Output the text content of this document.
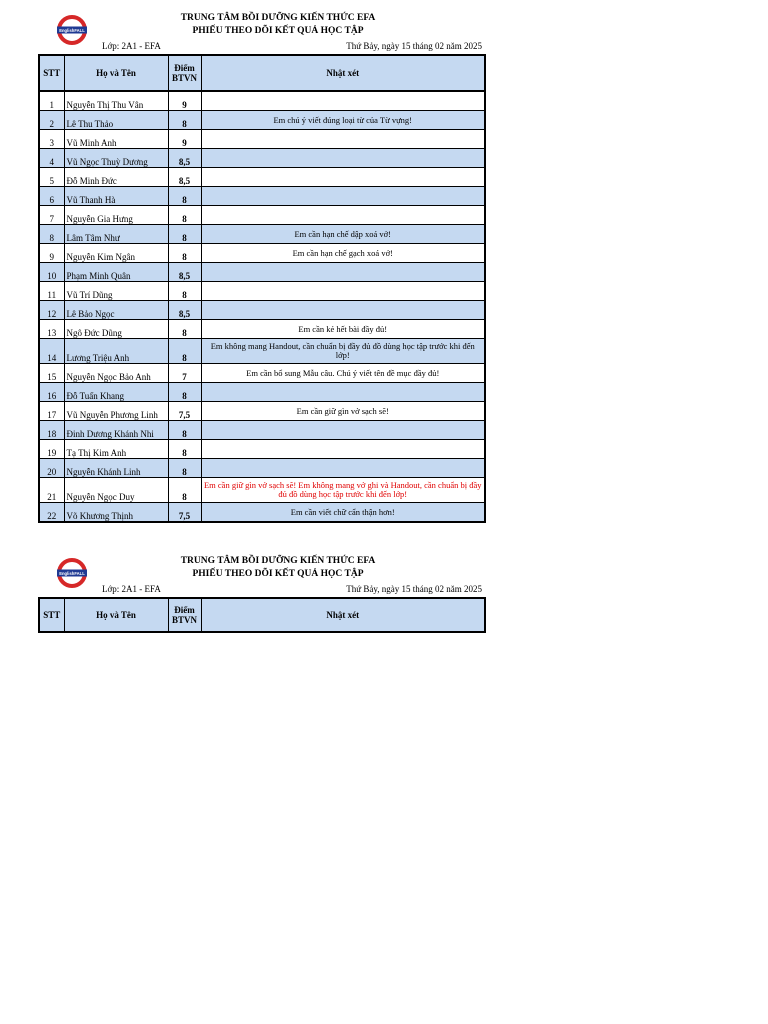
EnglishFALL
TRUNG TÂM BỒI DƯỠNG KIẾN THỨC EFA
PHIẾU THEO DÕI KẾT QUẢ HỌC TẬP
Lớp: 2A1 - EFA	Thứ Bảy, ngày 15 tháng 02 năm 2025
STT	Họ và Tên	Điểm BTVN	Nhật xét
1	Nguyễn Thị Thu Vân	9	
2	Lê Thu Thảo	8	Em chú ý viết đúng loại từ của Từ vựng!
3	Vũ Minh Anh	9	
4	Vũ Ngọc Thuỳ Dương	8,5	
5	Đỗ Minh Đức	8,5	
6	Vũ Thanh Hà	8	
7	Nguyễn Gia Hưng	8	
8	Lâm Tâm Như	8	Em cần hạn chế dập xoá vở!
9	Nguyễn Kim Ngân	8	Em cần hạn chế gạch xoá vở!
10	Phạm Minh Quân	8,5	
11	Vũ Trí Dũng	8	
12	Lê Bảo Ngọc	8,5	
13	Ngô Đức Dũng	8	Em cần kẻ hết bài đầy đủ!
14	Lương Triệu Anh	8	Em không mang Handout, cần chuẩn bị đầy đủ đồ dùng học tập trước khi đến lớp!
15	Nguyễn Ngọc Bảo Anh	7	Em cần bổ sung Mẫu câu. Chú ý viết tên đề mục đầy đủ!
16	Đỗ Tuấn Khang	8	
17	Vũ Nguyễn Phương Linh	7,5	Em cần giữ gìn vở sạch sẽ!
18	Đinh Dương Khánh Nhi	8	
19	Tạ Thị Kim Anh	8	
20	Nguyễn Khánh Linh	8	
21	Nguyễn Ngọc Duy	8	Em cần giữ gìn vở sạch sẽ! Em không mang vở ghi và Handout, cần chuẩn bị đầy đủ đồ dùng học tập trước khi đến lớp!
22	Võ Khương Thịnh	7,5	Em cần viết chữ cẩn thận hơn!
EnglishFALL
TRUNG TÂM BỒI DƯỠNG KIẾN THỨC EFA
PHIẾU THEO DÕI KẾT QUẢ HỌC TẬP
Lớp: 2A1 - EFA	Thứ Bảy, ngày 15 tháng 02 năm 2025
STT	Họ và Tên	Điểm BTVN	Nhật xét
